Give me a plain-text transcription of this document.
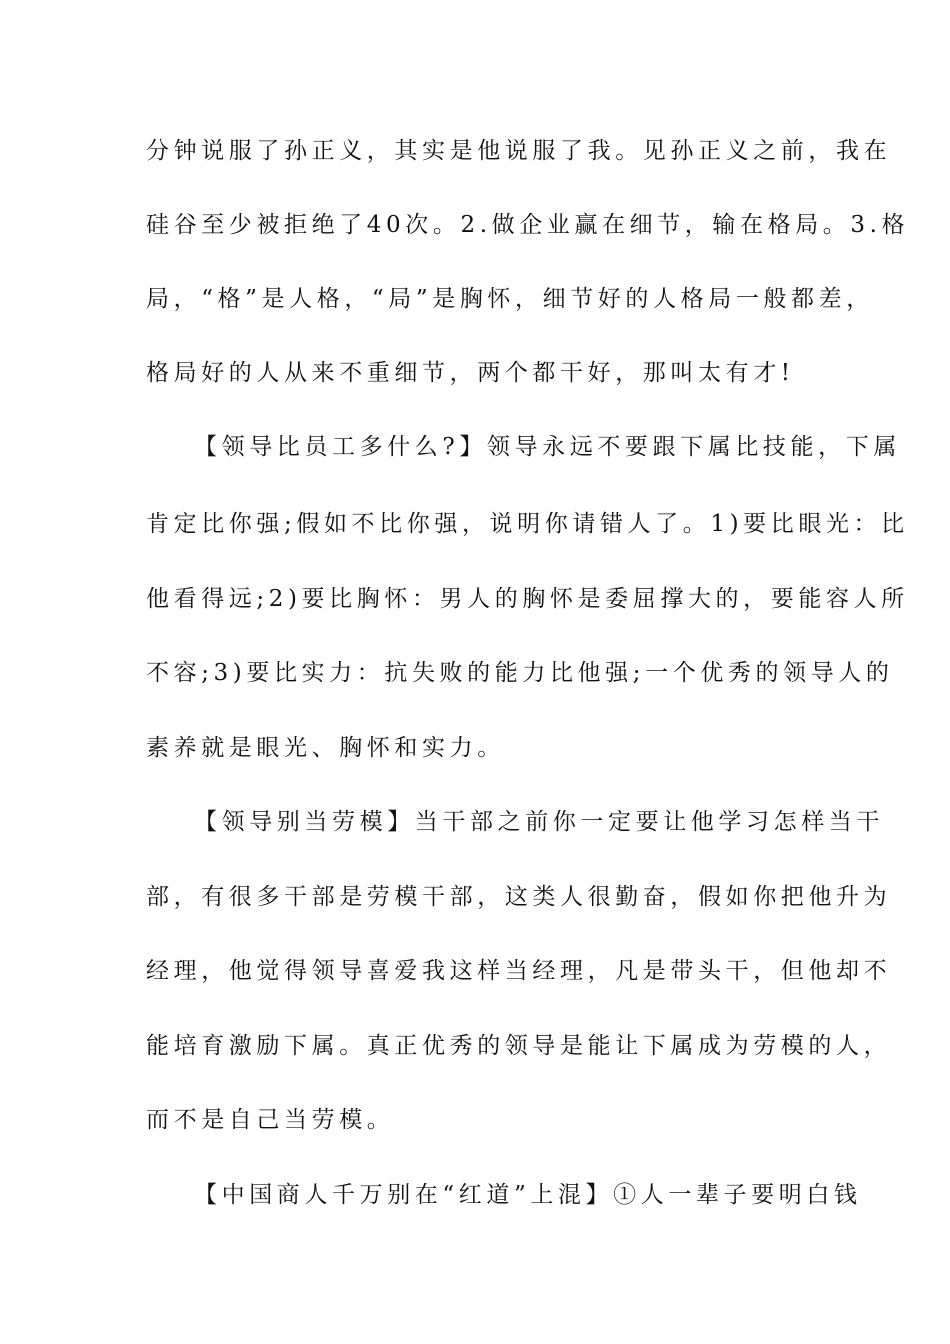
分钟说服了孙正义，其实是他说服了我。见孙正义之前，我在
硅谷至少被拒绝了40次。2.做企业赢在细节，输在格局。3.格
局，“格”是人格，“局”是胸怀，细节好的人格局一般都差，
格局好的人从来不重细节，两个都干好，那叫太有才!
【领导比员工多什么?】领导永远不要跟下属比技能，下属
肯定比你强;假如不比你强，说明你请错人了。1)要比眼光：比
他看得远;2)要比胸怀：男人的胸怀是委屈撑大的，要能容人所
不容;3)要比实力：抗失败的能力比他强;一个优秀的领导人的
素养就是眼光、胸怀和实力。
【领导别当劳模】当干部之前你一定要让他学习怎样当干
部，有很多干部是劳模干部，这类人很勤奋，假如你把他升为
经理，他觉得领导喜爱我这样当经理，凡是带头干，但他却不
能培育激励下属。真正优秀的领导是能让下属成为劳模的人，
而不是自己当劳模。
【中国商人千万别在“红道”上混】①人一辈子要明白钱
